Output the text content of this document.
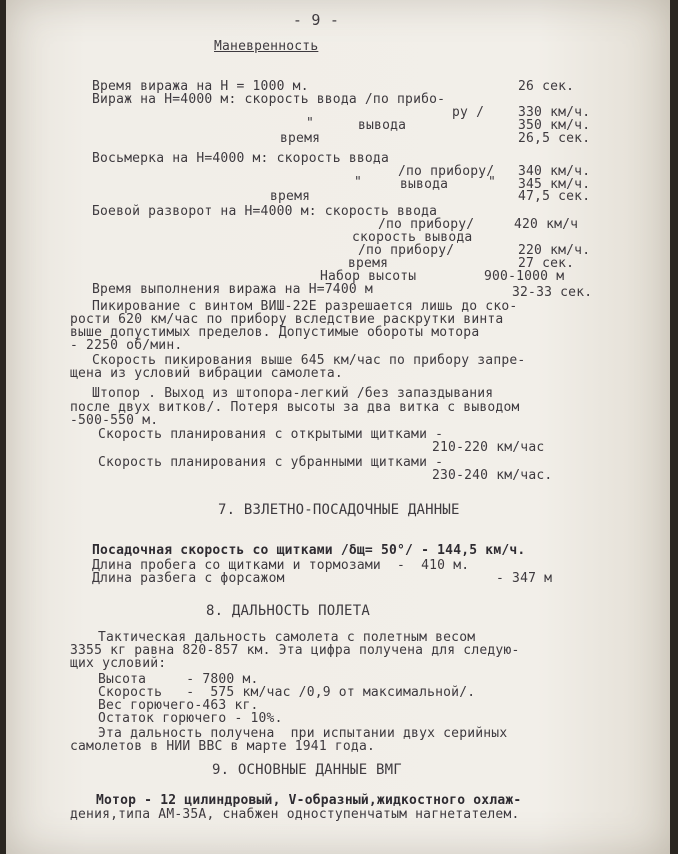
- 9 -
Маневренность
Время виража на Н = 1000 м.	26 сек.
Вираж на Н=4000 м: скорость ввода /по прибо-
ру /	330 км/ч.
"	вывода	350 км/ч.
время	26,5 сек.
Восьмерка на Н=4000 м: скорость ввода
/по прибору/ 340 км/ч.
"	вывода	" 345 км/ч.
время	47,5 сек.
Боевой разворот на Н=4000 м: скорость ввода
/по прибору/	420 км/ч
скорость вывода
/по прибору/	220 км/ч.
время	27 сек.
Набор высоты	900-1000 м
Время выполнения виража на Н=7400 м	32-33 сек.
Пикирование с винтом ВИШ-22Е разрешается лишь до ско-
рости 620 км/час по прибору вследствие раскрутки винта
выше допустимых пределов. Допустимые обороты мотора
- 2250 об/мин.
Скорость пикирования выше 645 км/час по прибору запре-
щена из условий вибрации самолета.
Штопор . Выход из штопора-легкий /без запаздывания
после двух витков/. Потеря высоты за два витка с выводом
-500-550 м.
Скорость планирования с открытыми щитками -
210-220 км/час
Скорость планирования с убранными щитками -
230-240 км/час.
7. ВЗЛЕТНО-ПОСАДОЧНЫЕ ДАННЫЕ
Посадочная скорость со щитками /δщ= 50°/ - 144,5 км/ч.
Длина пробега со щитками и тормозами  -  410 м.
Длина разбега с форсажом	- 347 м
8. ДАЛЬНОСТЬ ПОЛЕТА
Тактическая дальность самолета с полетным весом
3355 кг равна 820-857 км. Эта цифра получена для следую-
щих условий:
Высота     - 7800 м.
Скорость   -  575 км/час /0,9 от максимальной/.
Вес горючего-463 кг.
Остаток горючего - 10%.
Эта дальность получена  при испытании двух серийных
самолетов в НИИ ВВС в марте 1941 года.
9. ОСНОВНЫЕ ДАННЫЕ ВМГ
Мотор - 12 цилиндровый, V-образный,жидкостного охлаж-
дения,типа АМ-35А, снабжен одноступенчатым нагнетателем.
